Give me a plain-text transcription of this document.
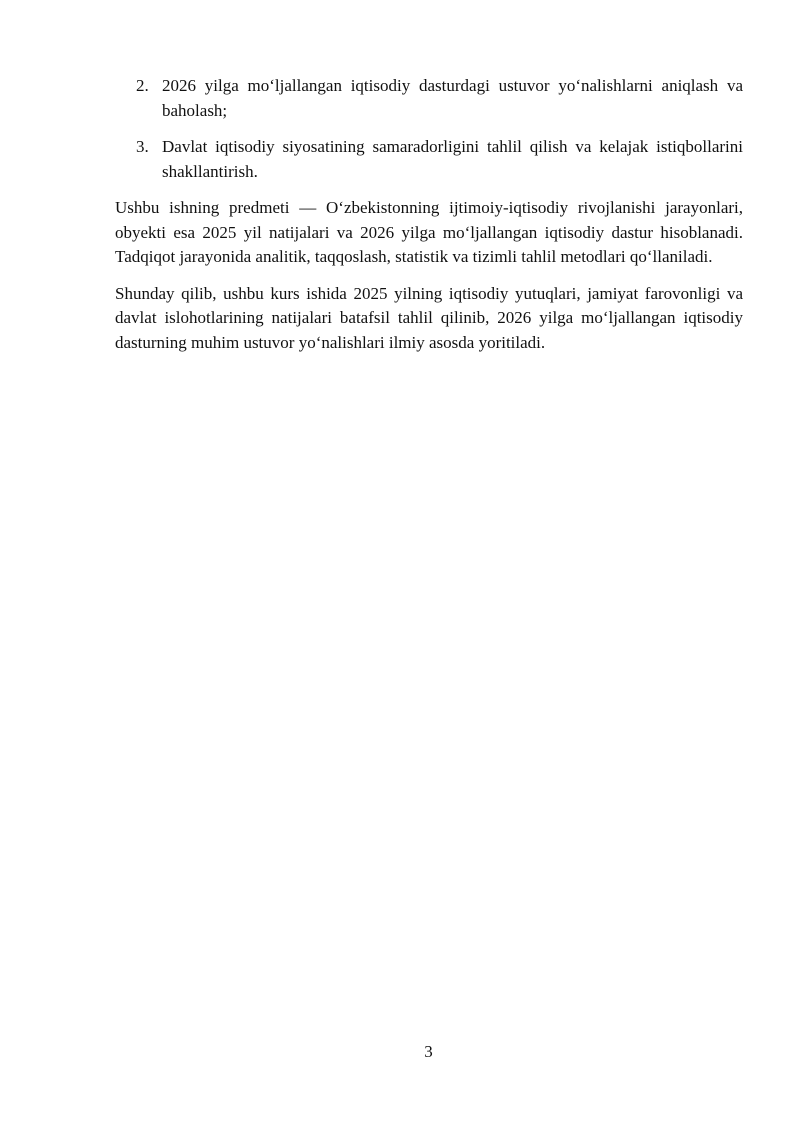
2. 2026 yilga mo‘ljallangan iqtisodiy dasturdagi ustuvor yo‘nalishlarni aniqlash va baholash;
3. Davlat iqtisodiy siyosatining samaradorligini tahlil qilish va kelajak istiqbollarini shakllantirish.

Ushbu ishning predmeti — O‘zbekistonning ijtimoiy-iqtisodiy rivojlanishi jarayonlari, obyekti esa 2025 yil natijalari va 2026 yilga mo‘ljallangan iqtisodiy dastur hisoblanadi. Tadqiqot jarayonida analitik, taqqoslash, statistik va tizimli tahlil metodlari qo‘llaniladi.

Shunday qilib, ushbu kurs ishida 2025 yilning iqtisodiy yutuqlari, jamiyat farovonligi va davlat islohotlarining natijalari batafsil tahlil qilinib, 2026 yilga mo‘ljallangan iqtisodiy dasturning muhim ustuvor yo‘nalishlari ilmiy asosda yoritiladi.

3
